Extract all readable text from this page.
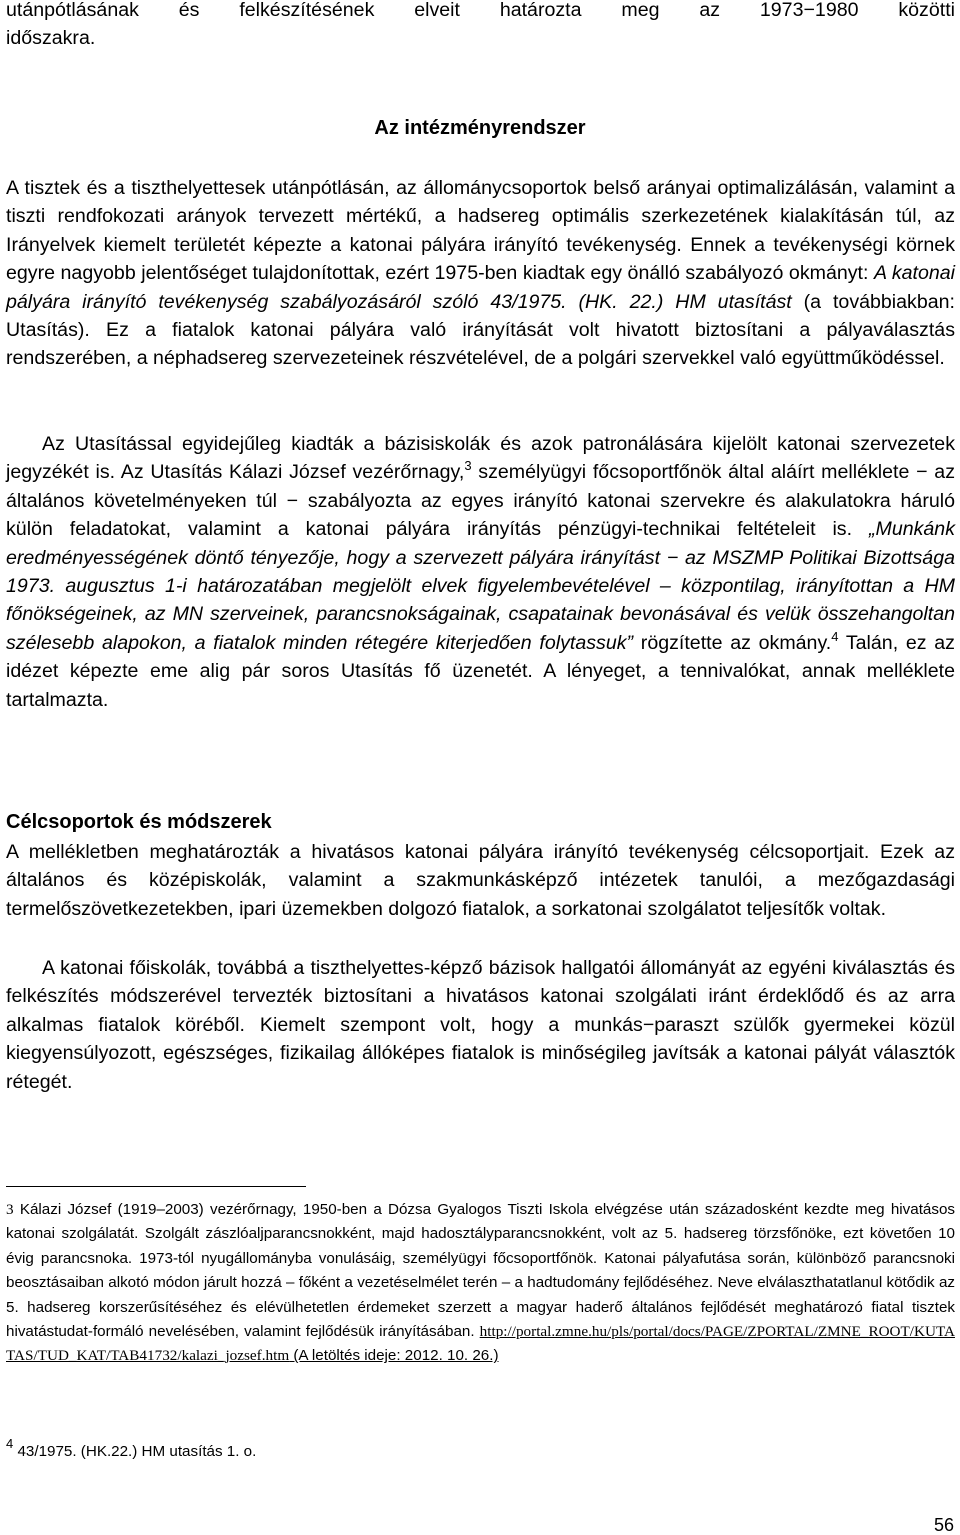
utánpótlásának és felkészítésének elveit határozta meg az 1973−1980 közötti
időszakra.

Az intézményrendszer

A tisztek és a tiszthelyettesek utánpótlásán, az állománycsoportok belső arányai optimalizálásán, valamint a tiszti rendfokozati arányok tervezett mértékű, a hadsereg optimális szerkezetének kialakításán túl, az Irányelvek kiemelt területét képezte a katonai pályára irányító tevékenység. Ennek a tevékenységi körnek egyre nagyobb jelentőséget tulajdonítottak, ezért 1975-ben kiadtak egy önálló szabályozó okmányt: A katonai pályára irányító tevékenység szabályozásáról szóló 43/1975. (HK. 22.) HM utasítást (a továbbiakban: Utasítás). Ez a fiatalok katonai pályára való irányítását volt hivatott biztosítani a pályaválasztás rendszerében, a néphadsereg szervezeteinek részvételével, de a polgári szervekkel való együttműködéssel.

Az Utasítással egyidejűleg kiadták a bázisiskolák és azok patronálására kijelölt katonai szervezetek jegyzékét is. Az Utasítás Kálazi József vezérőrnagy,$^3$ személyügyi főcsoportfőnök által aláírt melléklete − az általános követelményeken túl − szabályozta az egyes irányító katonai szervekre és alakulatokra háruló külön feladatokat, valamint a katonai pályára irányítás pénzügyi-technikai feltételeit is. „Munkánk eredményességének döntő tényezője, hogy a szervezett pályára irányítást − az MSZMP Politikai Bizottsága 1973. augusztus 1-i határozatában megjelölt elvek figyelembevételével – központilag, irányítottan a HM főnökségeinek, az MN szerveinek, parancsnokságainak, csapatainak bevonásával és velük összehangoltan szélesebb alapokon, a fiatalok minden rétegére kiterjedően folytassuk” rögzítette az okmány.$^4$ Talán, ez az idézet képezte eme alig pár soros Utasítás fő üzenetét. A lényeget, a tennivalókat, annak melléklete tartalmazta.

Célcsoportok és módszerek

A mellékletben meghatározták a hivatásos katonai pályára irányító tevékenység célcsoportjait. Ezek az általános és középiskolák, valamint a szakmunkásképző intézetek tanulói, a mezőgazdasági termelőszövetkezetekben, ipari üzemekben dolgozó fiatalok, a sorkatonai szolgálatot teljesítők voltak.

A katonai főiskolák, továbbá a tiszthelyettes-képző bázisok hallgatói állományát az egyéni kiválasztás és felkészítés módszerével tervezték biztosítani a hivatásos katonai szolgálati iránt érdeklődő és az arra alkalmas fiatalok köréből. Kiemelt szempont volt, hogy a munkás−paraszt szülők gyermekei közül kiegyensúlyozott, egészséges, fizikailag állóképes fiatalok is minőségileg javítsák a katonai pályát választók rétegét.

3 Kálazi József (1919–2003) vezérőrnagy, 1950-ben a Dózsa Gyalogos Tiszti Iskola elvégzése után századosként kezdte meg hivatásos katonai szolgálatát. Szolgált zászlóaljparancsnokként, majd hadosztályparancsnokként, volt az 5. hadsereg törzsfőnöke, ezt követően 10 évig parancsnoka. 1973-tól nyugállományba vonulásáig, személyügyi főcsoportfőnök. Katonai pályafutása során, különböző parancsnoki beosztásaiban alkotó módon járult hozzá – főként a vezetéselmélet terén – a hadtudomány fejlődéséhez. Neve elválaszthatatlanul kötődik az 5. hadsereg korszerűsítéséhez és elévülhetetlen érdemeket szerzett a magyar haderő általános fejlődését meghatározó fiatal tisztek hivatástudat-formáló nevelésében, valamint fejlődésük irányításában. http://portal.zmne.hu/pls/portal/docs/PAGE/ZPORTAL/ZMNE_ROOT/KUTATAS/TUD_KAT/TAB41732/kalazi_jozsef.htm (A letöltés ideje: 2012. 10. 26.)

$^4$ 43/1975. (HK.22.) HM utasítás 1. o.

56
